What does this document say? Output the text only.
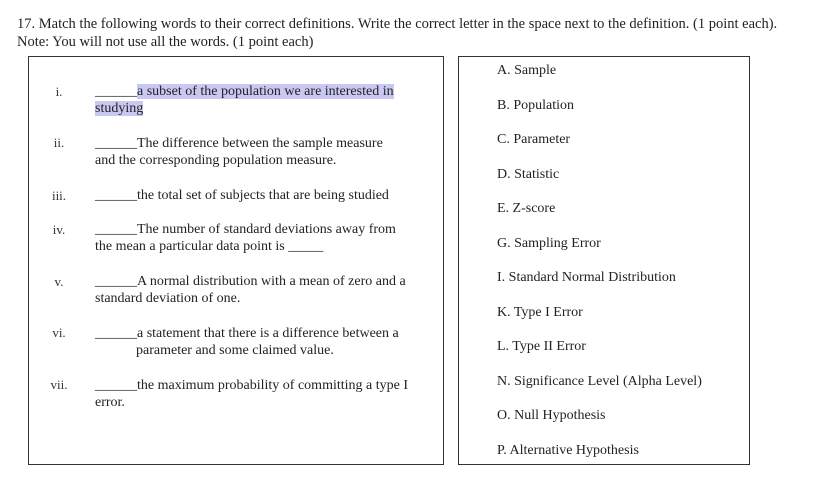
17. Match the following words to their correct definitions. Write the correct letter in the space next to the definition. (1 point each).
Note: You will not use all the words. (1 point each)
i.	______a subset of the population we are interested in
studying
ii.	______The difference between the sample measure
and the corresponding population measure.
iii.	______the total set of subjects that are being studied
iv.	______The number of standard deviations away from
the mean a particular data point is _____
v.	______A normal distribution with a mean of zero and a
standard deviation of one.
vi.	______a statement that there is a difference between a
parameter and some claimed value.
vii.	______the maximum probability of committing a type I
error.
A. Sample
B. Population
C. Parameter
D. Statistic
E. Z-score
G. Sampling Error
I. Standard Normal Distribution
K. Type I Error
L. Type II Error
N. Significance Level (Alpha Level)
O. Null Hypothesis
P. Alternative Hypothesis
